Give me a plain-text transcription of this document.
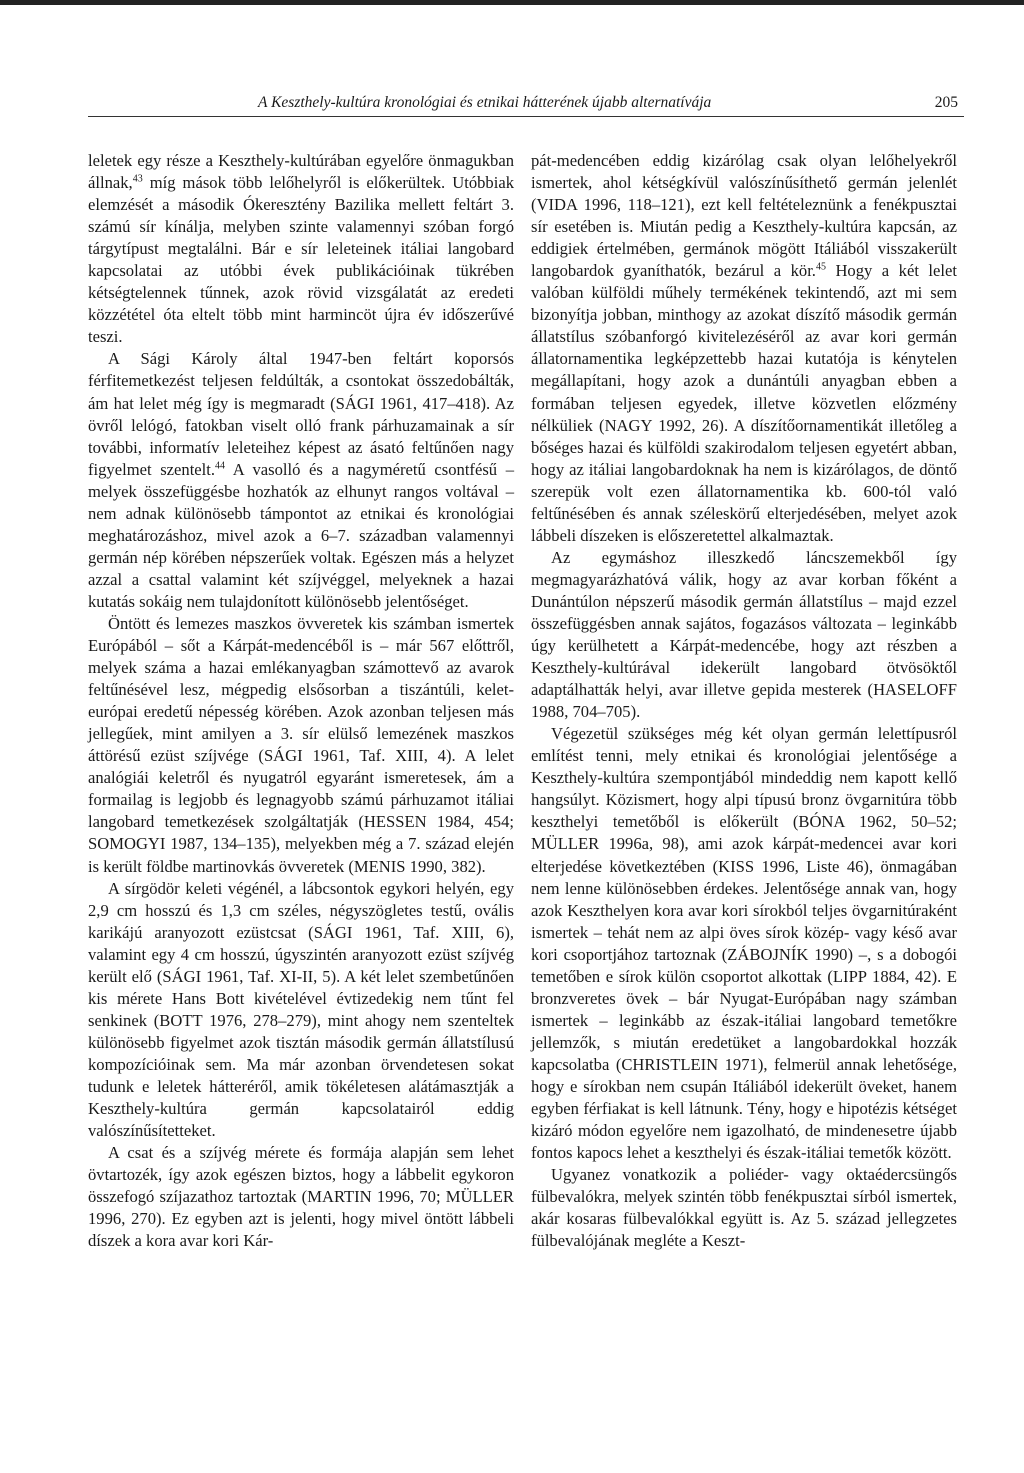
A Keszthely-kultúra kronológiai és etnikai hátterének újabb alternatívája	205

leletek egy része a Keszthely-kultúrában egyelőre önmagukban állnak,$^{43}$ míg mások több lelőhelyről is előkerültek. Utóbbiak elemzését a második Ókeresztény Bazilika mellett feltárt 3. számú sír kínálja, melyben szinte valamennyi szóban forgó tárgytípust megtalálni. Bár e sír leleteinek itáliai langobard kapcsolatai az utóbbi évek publikációinak tükrében kétségtelennek tűnnek, azok rövid vizsgálatát az eredeti közzététel óta eltelt több mint harmincöt újra év időszerűvé teszi.

A Sági Károly által 1947-ben feltárt koporsós férfitemetkezést teljesen feldúlták, a csontokat összedobálták, ám hat lelet még így is megmaradt (SÁGI 1961, 417–418). Az övről lelógó, fatokban viselt olló frank párhuzamainak a sír további, informatív leleteihez képest az ásató feltűnően nagy figyelmet szentelt.$^{44}$ A vasolló és a nagyméretű csontfésű – melyek összefüggésbe hozhatók az elhunyt rangos voltával – nem adnak különösebb támpontot az etnikai és kronológiai meghatározáshoz, mivel azok a 6–7. században valamennyi germán nép körében népszerűek voltak. Egészen más a helyzet azzal a csattal valamint két szíjvéggel, melyeknek a hazai kutatás sokáig nem tulajdonított különösebb jelentőséget.

Öntött és lemezes maszkos övveretek kis számban ismertek Európából – sőt a Kárpát-medencéből is – már 567 előttről, melyek száma a hazai emlékanyagban számottevő az avarok feltűnésével lesz, mégpedig elsősorban a tiszántúli, kelet-európai eredetű népesség körében. Azok azonban teljesen más jellegűek, mint amilyen a 3. sír elülső lemezének maszkos áttörésű ezüst szíjvége (SÁGI 1961, Taf. XIII, 4). A lelet analógiái keletről és nyugatról egyaránt ismeretesek, ám a formailag is legjobb és legnagyobb számú párhuzamot itáliai langobard temetkezések szolgáltatják (HESSEN 1984, 454; SOMOGYI 1987, 134–135), melyekben még a 7. század elején is került földbe martinovkás övveretek (MENIS 1990, 382).

A sírgödör keleti végénél, a lábcsontok egykori helyén, egy 2,9 cm hosszú és 1,3 cm széles, négyszögletes testű, ovális karikájú aranyozott ezüstcsat (SÁGI 1961, Taf. XIII, 6), valamint egy 4 cm hosszú, úgyszintén aranyozott ezüst szíjvég került elő (SÁGI 1961, Taf. XI-II, 5). A két lelet szembetűnően kis mérete Hans Bott kivételével évtizedekig nem tűnt fel senkinek (BOTT 1976, 278–279), mint ahogy nem szenteltek különösebb figyelmet azok tisztán második germán állatstílusú kompozícióinak sem. Ma már azonban örvendetesen sokat tudunk e leletek hátteréről, amik tökéletesen alátámasztják a Keszthely-kultúra germán kapcsolatairól eddig valószínűsítetteket.

A csat és a szíjvég mérete és formája alapján sem lehet övtartozék, így azok egészen biztos, hogy a lábbelit egykoron összefogó szíjazathoz tartoztak (MARTIN 1996, 70; MÜLLER 1996, 270). Ez egyben azt is jelenti, hogy mivel öntött lábbeli díszek a kora avar kori Kár-

pát-medencében eddig kizárólag csak olyan lelőhelyekről ismertek, ahol kétségkívül valószínűsíthető germán jelenlét (VIDA 1996, 118–121), ezt kell feltételeznünk a fenékpusztai sír esetében is. Miután pedig a Keszthely-kultúra kapcsán, az eddigiek értelmében, germánok mögött Itáliából visszakerült langobardok gyaníthatók, bezárul a kör.$^{45}$ Hogy a két lelet valóban külföldi műhely termékének tekintendő, azt mi sem bizonyítja jobban, minthogy az azokat díszítő második germán állatstílus szóbanforgó kivitelezéséről az avar kori germán állatornamentika legképzettebb hazai kutatója is kénytelen megállapítani, hogy azok a dunántúli anyagban ebben a formában teljesen egyedek, illetve közvetlen előzmény nélküliek (NAGY 1992, 26). A díszítőornamentikát illetőleg a bőséges hazai és külföldi szakirodalom teljesen egyetért abban, hogy az itáliai langobardoknak ha nem is kizárólagos, de döntő szerepük volt ezen állatornamentika kb. 600-tól való feltűnésében és annak széleskörű elterjedésében, melyet azok lábbeli díszeken is előszeretettel alkalmaztak.

Az egymáshoz illeszkedő láncszemekből így megmagyarázhatóvá válik, hogy az avar korban főként a Dunántúlon népszerű második germán állatstílus – majd ezzel összefüggésben annak sajátos, fogazásos változata – leginkább úgy kerülhetett a Kárpát-medencébe, hogy azt részben a Keszthely-kultúrával idekerült langobard ötvösöktől adaptálhatták helyi, avar illetve gepida mesterek (HASELOFF 1988, 704–705).

Végezetül szükséges még két olyan germán lelettípusról említést tenni, mely etnikai és kronológiai jelentősége a Keszthely-kultúra szempontjából mindeddig nem kapott kellő hangsúlyt. Közismert, hogy alpi típusú bronz övgarnitúra több keszthelyi temetőből is előkerült (BÓNA 1962, 50–52; MÜLLER 1996a, 98), ami azok kárpát-medencei avar kori elterjedése következtében (KISS 1996, Liste 46), önmagában nem lenne különösebben érdekes. Jelentősége annak van, hogy azok Keszthelyen kora avar kori sírokból teljes övgarnitúraként ismertek – tehát nem az alpi öves sírok közép- vagy késő avar kori csoportjához tartoznak (ZÁBOJNÍK 1990) –, s a dobogói temetőben e sírok külön csoportot alkottak (LIPP 1884, 42). E bronzveretes övek – bár Nyugat-Európában nagy számban ismertek – leginkább az észak-itáliai langobard temetőkre jellemzők, s miután eredetüket a langobardokkal hozzák kapcsolatba (CHRISTLEIN 1971), felmerül annak lehetősége, hogy e sírokban nem csupán Itáliából idekerült öveket, hanem egyben férfiakat is kell látnunk. Tény, hogy e hipotézis kétséget kizáró módon egyelőre nem igazolható, de mindenesetre újabb fontos kapocs lehet a keszthelyi és észak-itáliai temetők között.

Ugyanez vonatkozik a poliéder- vagy oktaédercsüngős fülbevalókra, melyek szintén több fenékpusztai sírból ismertek, akár kosaras fülbevalókkal együtt is. Az 5. század jellegzetes fülbevalójának megléte a Keszt-
